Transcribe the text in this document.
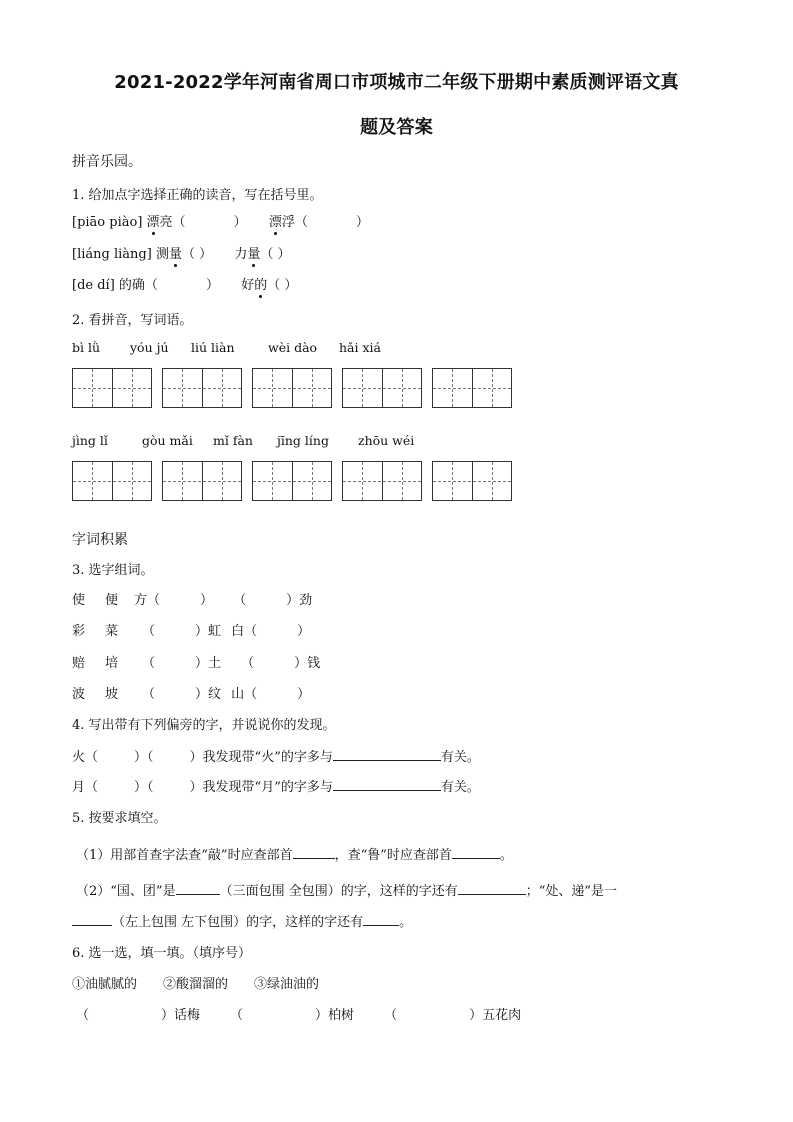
2021-2022学年河南省周口市项城市二年级下册期中素质测评语文真
题及答案
拼音乐园。
1. 给加点字选择正确的读音，写在括号里。
[piāo piào] 漂亮（	） 漂浮（	）
[liáng liàng] 测量（ ） 力量（ ）
[de dí] 的确（	） 好的（ ）
2. 看拼音，写词语。
bì lǜ yóu jú liú liàn	wèi dào hǎi xiá
jìng lǐ	gòu mǎi mǐ fàn jīng líng zhōu wéi
字词积累
3. 选字组词。
使 便 方（	） （	）劲
彩 菜 （	）虹 白（	）
赔 培 （	）土 （	）钱
波 坡 （	）纹 山（	）
4. 写出带有下列偏旁的字，并说说你的发现。
火（	）（	）我发现带“火”的字多与	有关。
月（	）（	）我发现带“月”的字多与	有关。
5. 按要求填空。
（1）用部首查字法查“敲”时应查部首	，查“鲁”时应查部首	。
（2）“国、团”是	（三面包围 全包围）的字，这样的字还有	；“处、递”是一
（左上包围 左下包围）的字，这样的字还有	。
6. 选一选，填一填。（填序号）
①油腻腻的 ②酸溜溜的 ③绿油油的
（	）话梅 （	）柏树 （	）五花肉
